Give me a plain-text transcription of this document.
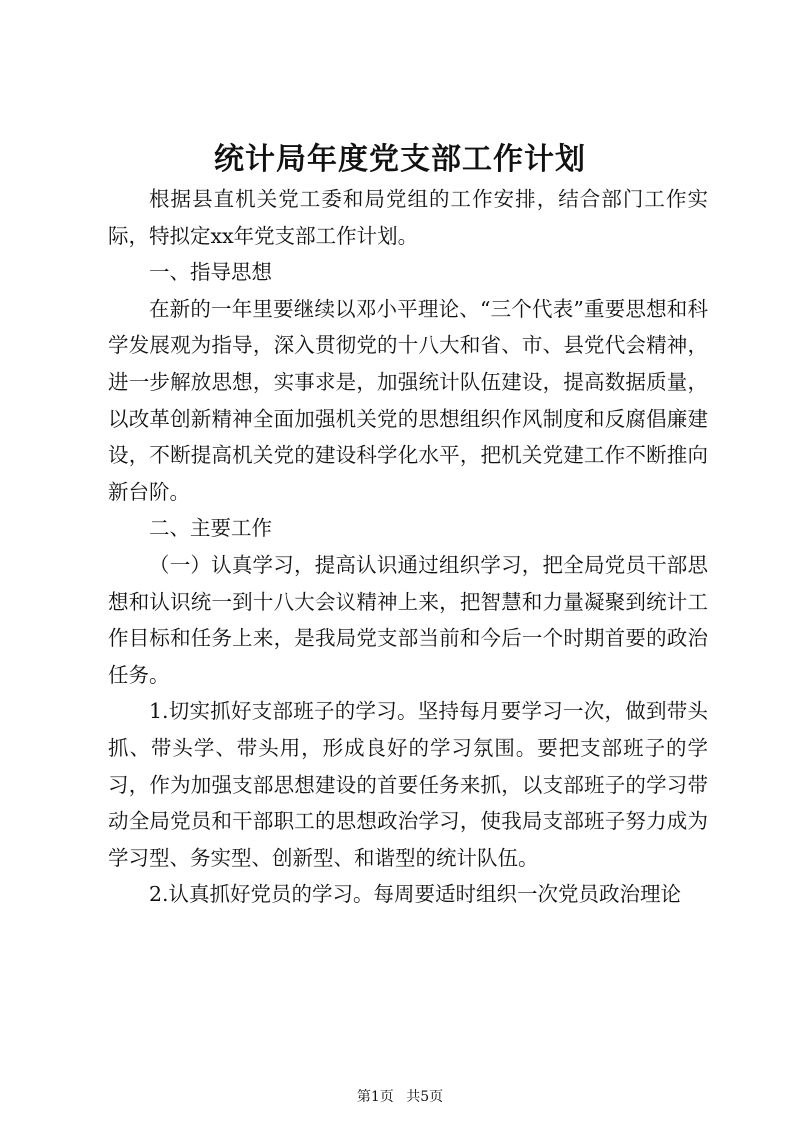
统计局年度党支部工作计划

根据县直机关党工委和局党组的工作安排，结合部门工作实际，特拟定xx年党支部工作计划。

一、指导思想

在新的一年里要继续以邓小平理论、“三个代表”重要思想和科学发展观为指导，深入贯彻党的十八大和省、市、县党代会精神，进一步解放思想，实事求是，加强统计队伍建设，提高数据质量，以改革创新精神全面加强机关党的思想组织作风制度和反腐倡廉建设，不断提高机关党的建设科学化水平，把机关党建工作不断推向新台阶。

二、主要工作

（一）认真学习，提高认识通过组织学习，把全局党员干部思想和认识统一到十八大会议精神上来，把智慧和力量凝聚到统计工作目标和任务上来，是我局党支部当前和今后一个时期首要的政治任务。

1.切实抓好支部班子的学习。坚持每月要学习一次，做到带头抓、带头学、带头用，形成良好的学习氛围。要把支部班子的学习，作为加强支部思想建设的首要任务来抓，以支部班子的学习带动全局党员和干部职工的思想政治学习，使我局支部班子努力成为学习型、务实型、创新型、和谐型的统计队伍。

2.认真抓好党员的学习。每周要适时组织一次党员政治理论

第1页 共5页
